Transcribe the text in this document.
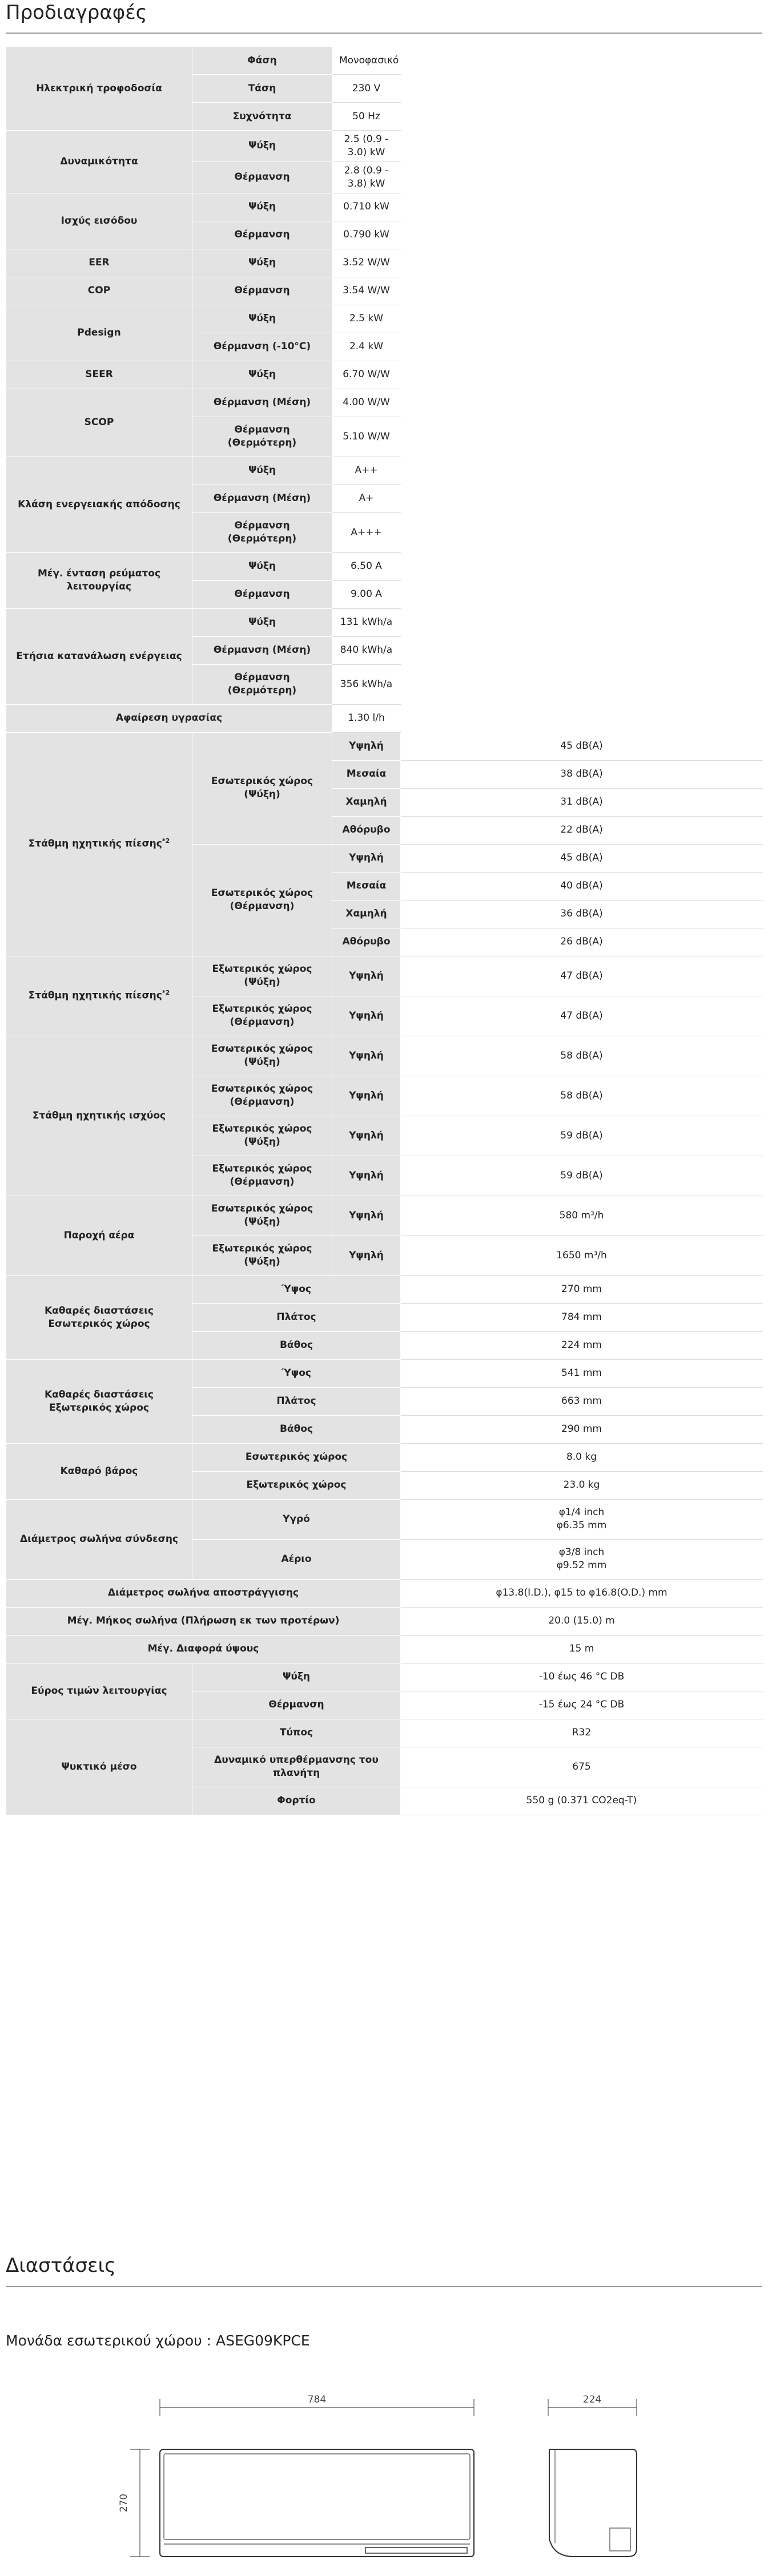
Προδιαγραφές
Ηλεκτρική τροφοδοσία	Φάση	Μονοφασικό	
	Τάση	230 V	
	Συχνότητα	50 Hz	
Δυναμικότητα	Ψύξη	2.5 (0.9 - 3.0) kW	
	Θέρμανση	2.8 (0.9 - 3.8) kW	
Ισχύς εισόδου	Ψύξη	0.710 kW	
	Θέρμανση	0.790 kW	
EER	Ψύξη	3.52 W/W	
COP	Θέρμανση	3.54 W/W	
Pdesign	Ψύξη	2.5 kW	
	Θέρμανση (-10°C)	2.4 kW	
SEER	Ψύξη	6.70 W/W	
SCOP	Θέρμανση (Μέση)	4.00 W/W	
	Θέρμανση (Θερμότερη)	5.10 W/W	
Κλάση ενεργειακής απόδοσης	Ψύξη	A++	
	Θέρμανση (Μέση)	A+	
	Θέρμανση (Θερμότερη)	A+++	
Μέγ. ένταση ρεύματος λειτουργίας	Ψύξη	6.50 A	
	Θέρμανση	9.00 A	
Ετήσια κατανάλωση ενέργειας	Ψύξη	131 kWh/a	
	Θέρμανση (Μέση)	840 kWh/a	
	Θέρμανση (Θερμότερη)	356 kWh/a	
Αφαίρεση υγρασίας		1.30 l/h	
Στάθμη ηχητικής πίεσης$^{*2}$	Εσωτερικός χώρος (Ψύξη)	Υψηλή	45 dB(A)
		Μεσαία	38 dB(A)
		Χαμηλή	31 dB(A)
		Αθόρυβο	22 dB(A)
	Εσωτερικός χώρος (Θέρμανση)	Υψηλή	45 dB(A)
		Μεσαία	40 dB(A)
		Χαμηλή	36 dB(A)
		Αθόρυβο	26 dB(A)
Στάθμη ηχητικής πίεσης$^{*2}$	Εξωτερικός χώρος (Ψύξη)	Υψηλή	47 dB(A)
	Εξωτερικός χώρος (Θέρμανση)	Υψηλή	47 dB(A)
Στάθμη ηχητικής ισχύος	Εσωτερικός χώρος (Ψύξη)	Υψηλή	58 dB(A)
	Εσωτερικός χώρος (Θέρμανση)	Υψηλή	58 dB(A)
	Εξωτερικός χώρος (Ψύξη)	Υψηλή	59 dB(A)
	Εξωτερικός χώρος (Θέρμανση)	Υψηλή	59 dB(A)
Παροχή αέρα	Εσωτερικός χώρος (Ψύξη)	Υψηλή	580 m³/h
	Εξωτερικός χώρος (Ψύξη)	Υψηλή	1650 m³/h
Καθαρές διαστάσεις Εσωτερικός χώρος	Ύψος		270 mm
	Πλάτος		784 mm
	Βάθος		224 mm
Καθαρές διαστάσεις Εξωτερικός χώρος	Ύψος		541 mm
	Πλάτος		663 mm
	Βάθος		290 mm
Καθαρό βάρος	Εσωτερικός χώρος		8.0 kg
	Εξωτερικός χώρος		23.0 kg
Διάμετρος σωλήνα σύνδεσης	Υγρό		φ1/4 inch
φ6.35 mm
	Αέριο		φ3/8 inch
φ9.52 mm
Διάμετρος σωλήνα αποστράγγισης			φ13.8(I.D.), φ15 to φ16.8(O.D.) mm
Μέγ. Μήκος σωλήνα (Πλήρωση εκ των προτέρων)			20.0 (15.0) m
Μέγ. Διαφορά ύψους			15 m
Εύρος τιμών λειτουργίας	Ψύξη		-10 έως 46 °C DB
	Θέρμανση		-15 έως 24 °C DB
Ψυκτικό μέσο	Τύπος		R32
	Δυναμικό υπερθέρμανσης του πλανήτη		675
	Φορτίο		550 g (0.371 CO2eq-T)
Διαστάσεις
Μονάδα εσωτερικού χώρου : ASEG09KPCE
784
270
224
